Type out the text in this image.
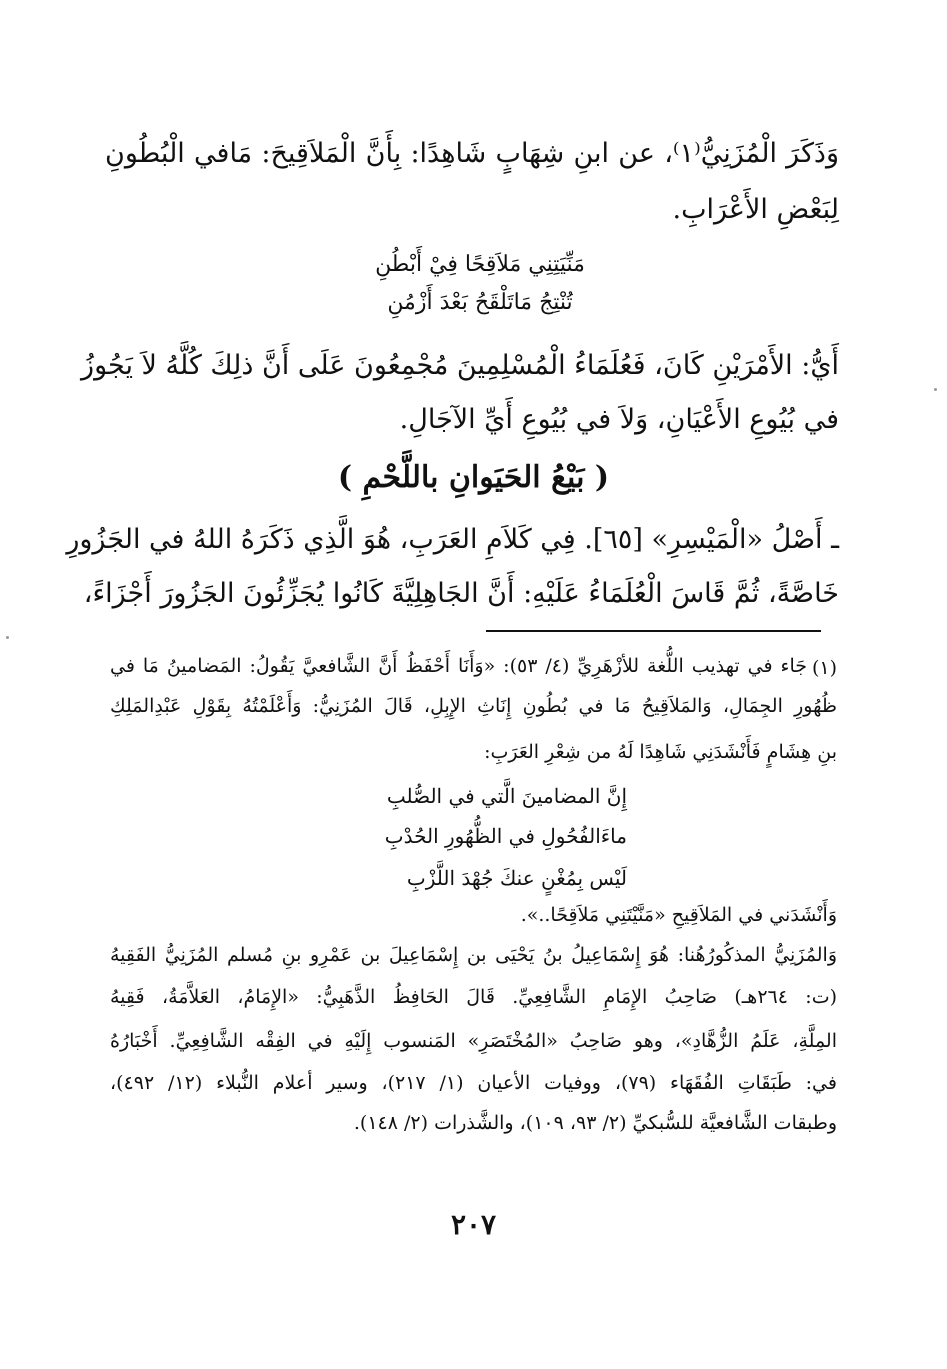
وَذَكَرَ الْمُزَنِيُّ⁽١⁾، عن ابنِ شِهَابٍ شَاهِدًا: بِأَنَّ الْمَلاَقِيحَ: مَافي الْبُطُونِ
لِبَعْضِ الأَعْرَابِ.
مَنِّيَتِنِي مَلاَقِحًا فِيْ أَبْطُنِ
تُنْتِجُ مَاتَلْقَحُ بَعْدَ أَزْمُنِ
أَيُّ: الأَمْرَيْنِ كَانَ، فَعُلَمَاءُ الْمُسْلِمِينَ مُجْمِعُونَ عَلَى أَنَّ ذلِكَ كُلَّهُ لاَ يَجُوزُ
في بُيُوعِ الأَعْيَانِ، وَلاَ في بُيُوعِ أَيِّ الآجَالِ.
( بَيْعُ الحَيَوانِ باللَّحْمِ )
ـ أَصْلُ «الْمَيْسِرِ» [٦٥]. فِي كَلاَمِ العَرَبِ، هُوَ الَّذِي ذَكَرَهُ اللهُ في الجَزُورِ
خَاصَّةً، ثُمَّ قَاسَ الْعُلَمَاءُ عَلَيْهِ: أَنَّ الجَاهِلِيَّةَ كَانُوا يُجَزِّئُونَ الجَزُورَ أَجْزَاءً،
(١)
جَاء في تهذيب اللُّغة للأزْهَرِيِّ (٤/ ٥٣): «وَأَنَا أَحْفَظُ أَنَّ الشَّافعيَّ يَقُولُ: المَضامينُ مَا في
ظُهُورِ الجِمَالِ، وَالمَلاَقِيحُ مَا في بُطُونِ إِنَاثِ الإِبِلِ، قَالَ المُزَنِيُّ: وَأَعْلَمْتُهُ بِقَوْلِ عَبْدِالمَلِكِ
بنِ هِشَامٍ فَأَنْشَدَنِي شَاهِدًا لَهُ من شِعْرِ العَرَبِ:
إِنَّ المضامينَ الَّتي في الصُّلبِ
ماءَالفُحُولِ في الظُّهُورِ الحُدْبِ
لَيْس بِمُغْنٍ عنكَ جُهْدَ اللَّزْبِ
وَأَنْشَدَني في المَلاَقِيحِ «مَنَّيْتَنِي مَلاَقِحًا..».
وَالمُزَنِيُّ المذكُورُهُنا: هُوَ إِسْمَاعِيلُ بنُ يَحْيَى بن إِسْمَاعِيلَ بن عَمْرِو بنِ مُسلم المُزَنِيُّ الفَقِيهُ
(ت: ٢٦٤هـ) صَاحِبُ الإِمَامِ الشَّافِعِيِّ. قَالَ الحَافِظُ الذَّهَبِيُّ: «الإِمَامُ، العَلاَّمَةُ، فَقِيهُ
المِلَّةِ، عَلَمُ الزُّهَّادِ»، وهو صَاحِبُ «المُخْتَصَرِ» المَنسوب إِلَيْهِ في الفِقْه الشَّافِعِيِّ. أَخْبَارُهُ
في: طَبَقَاتِ الفُقَهَاء (٧٩)، ووفيات الأعيان (١/ ٢١٧)، وسير أعلام النُّبلاء (١٢/ ٤٩٢)،
وطبقات الشَّافعيَّة للسُّبكيِّ (٢/ ٩٣، ١٠٩)، والشَّذرات (٢/ ١٤٨).
٢٠٧
